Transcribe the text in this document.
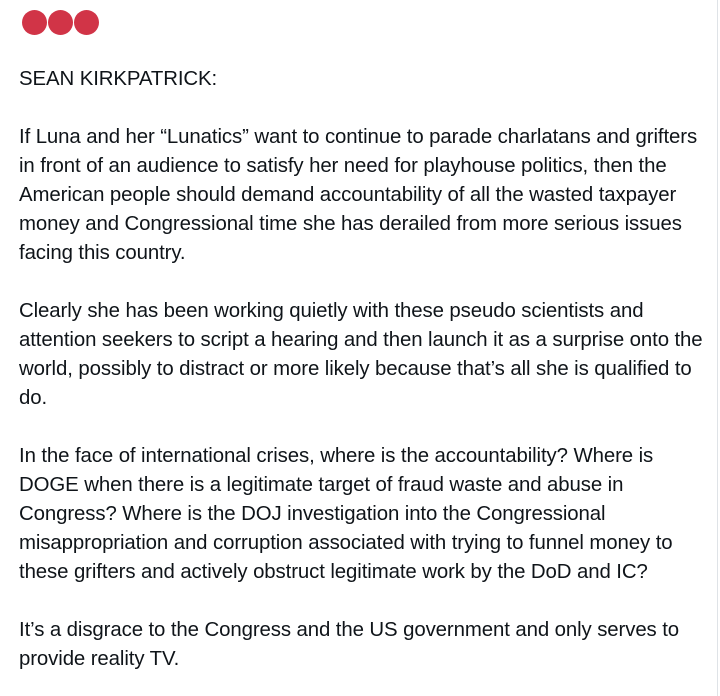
SEAN KIRKPATRICK:

If Luna and her “Lunatics” want to continue to parade charlatans and grifters in front of an audience to satisfy her need for playhouse politics, then the American people should demand accountability of all the wasted taxpayer money and Congressional time she has derailed from more serious issues facing this country.

Clearly she has been working quietly with these pseudo scientists and attention seekers to script a hearing and then launch it as a surprise onto the world, possibly to distract or more likely because that’s all she is qualified to do.

In the face of international crises, where is the accountability? Where is DOGE when there is a legitimate target of fraud waste and abuse in Congress? Where is the DOJ investigation into the Congressional misappropriation and corruption associated with trying to funnel money to these grifters and actively obstruct legitimate work by the DoD and IC?

It’s a disgrace to the Congress and the US government and only serves to provide reality TV.
